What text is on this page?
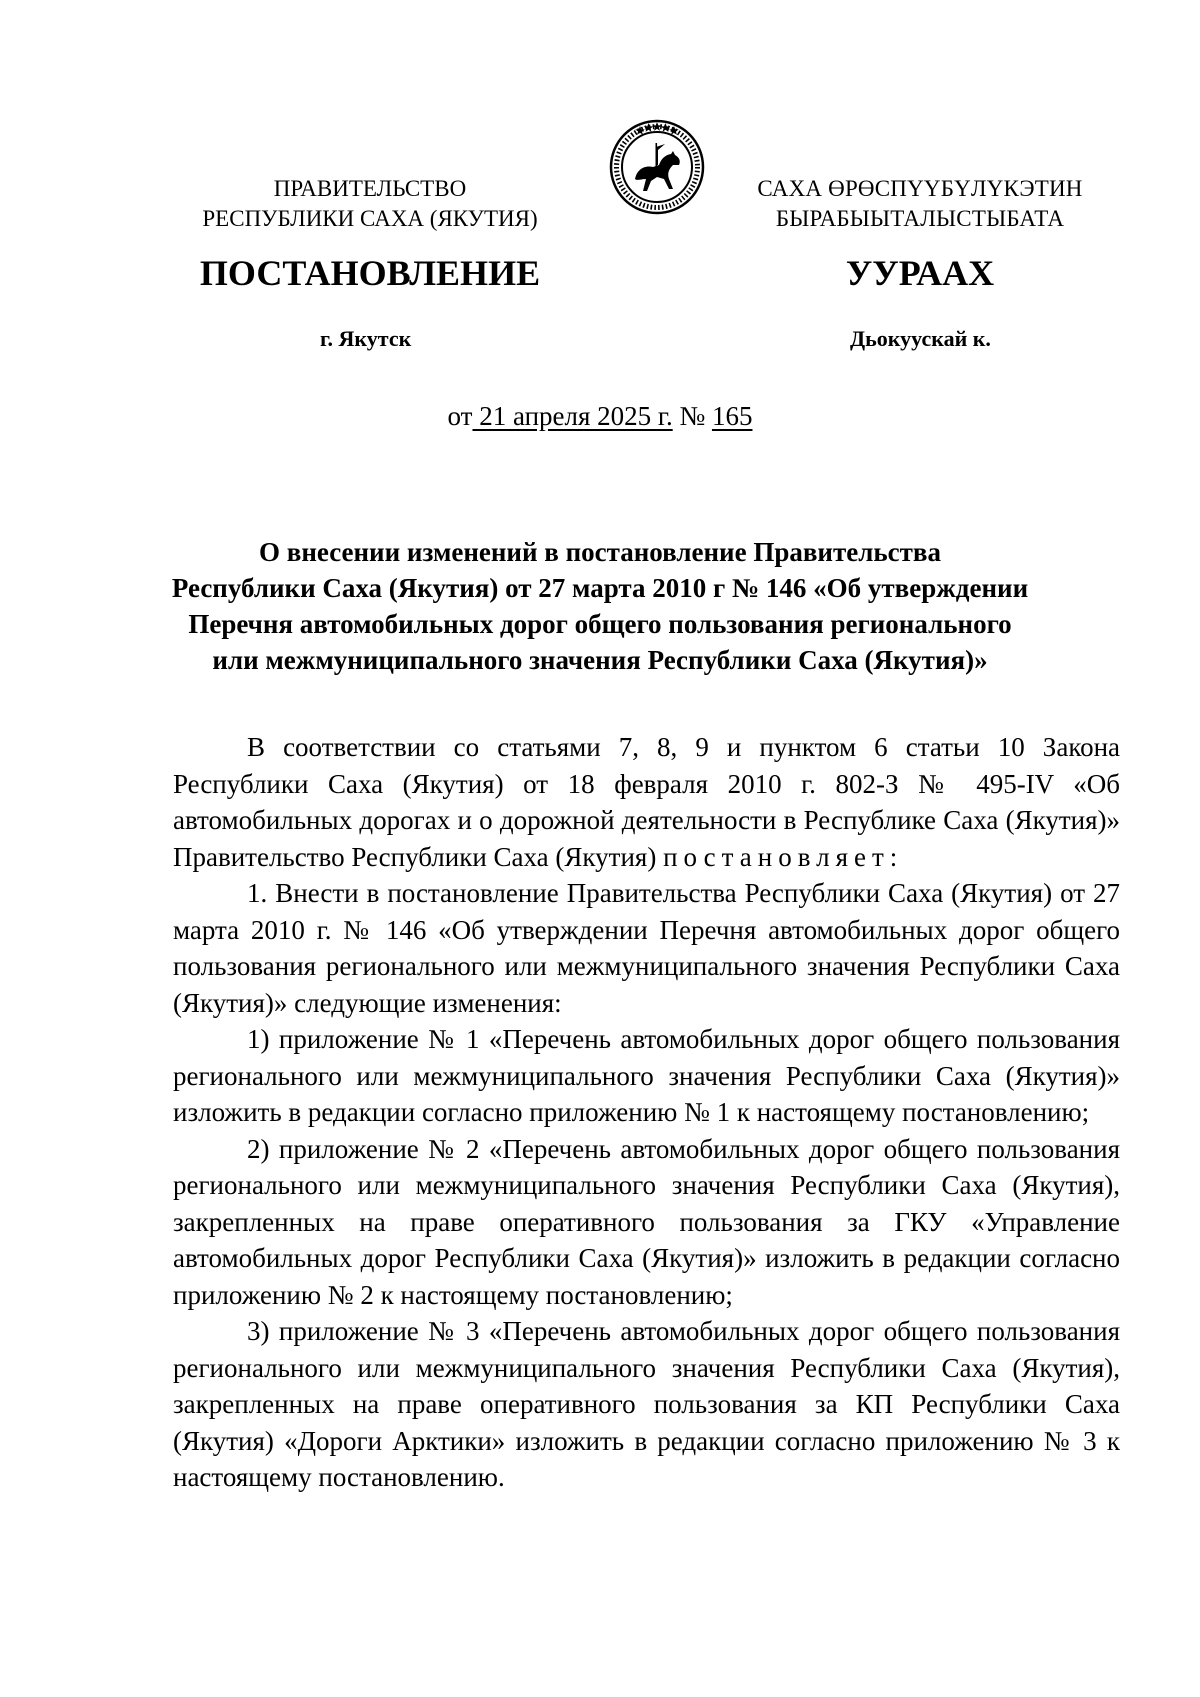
ПРАВИТЕЛЬСТВО
РЕСПУБЛИКИ САХА (ЯКУТИЯ)
САХА ӨРӨСПҮҮБҮЛҮКЭТИН
БЫРАБЫЫТАЛЫСТЫБАТА
ПОСТАНОВЛЕНИЕ	УУРААХ
г. Якутск	Дьокуускай к.
от 21 апреля 2025 г. № 165
О внесении изменений в постановление Правительства
Республики Саха (Якутия) от 27 марта 2010 г № 146 «Об утверждении
Перечня автомобильных дорог общего пользования регионального
или межмуниципального значения Республики Саха (Якутия)»

В соответствии со статьями 7, 8, 9 и пунктом 6 статьи 10 Закона Республики Саха (Якутия) от 18 февраля 2010 г. 802-З № 495-IV «Об автомобильных дорогах и о дорожной деятельности в Республике Саха (Якутия)» Правительство Республики Саха (Якутия) постановляет:

1. Внести в постановление Правительства Республики Саха (Якутия) от 27 марта 2010 г. № 146 «Об утверждении Перечня автомобильных дорог общего пользования регионального или межмуниципального значения Республики Саха (Якутия)» следующие изменения:

1) приложение № 1 «Перечень автомобильных дорог общего пользования регионального или межмуниципального значения Республики Саха (Якутия)» изложить в редакции согласно приложению № 1 к настоящему постановлению;

2) приложение № 2 «Перечень автомобильных дорог общего пользования регионального или межмуниципального значения Республики Саха (Якутия), закрепленных на праве оперативного пользования за ГКУ «Управление автомобильных дорог Республики Саха (Якутия)» изложить в редакции согласно приложению № 2 к настоящему постановлению;

3) приложение № 3 «Перечень автомобильных дорог общего пользования регионального или межмуниципального значения Республики Саха (Якутия), закрепленных на праве оперативного пользования за КП Республики Саха (Якутия) «Дороги Арктики» изложить в редакции согласно приложению № 3 к настоящему постановлению.
